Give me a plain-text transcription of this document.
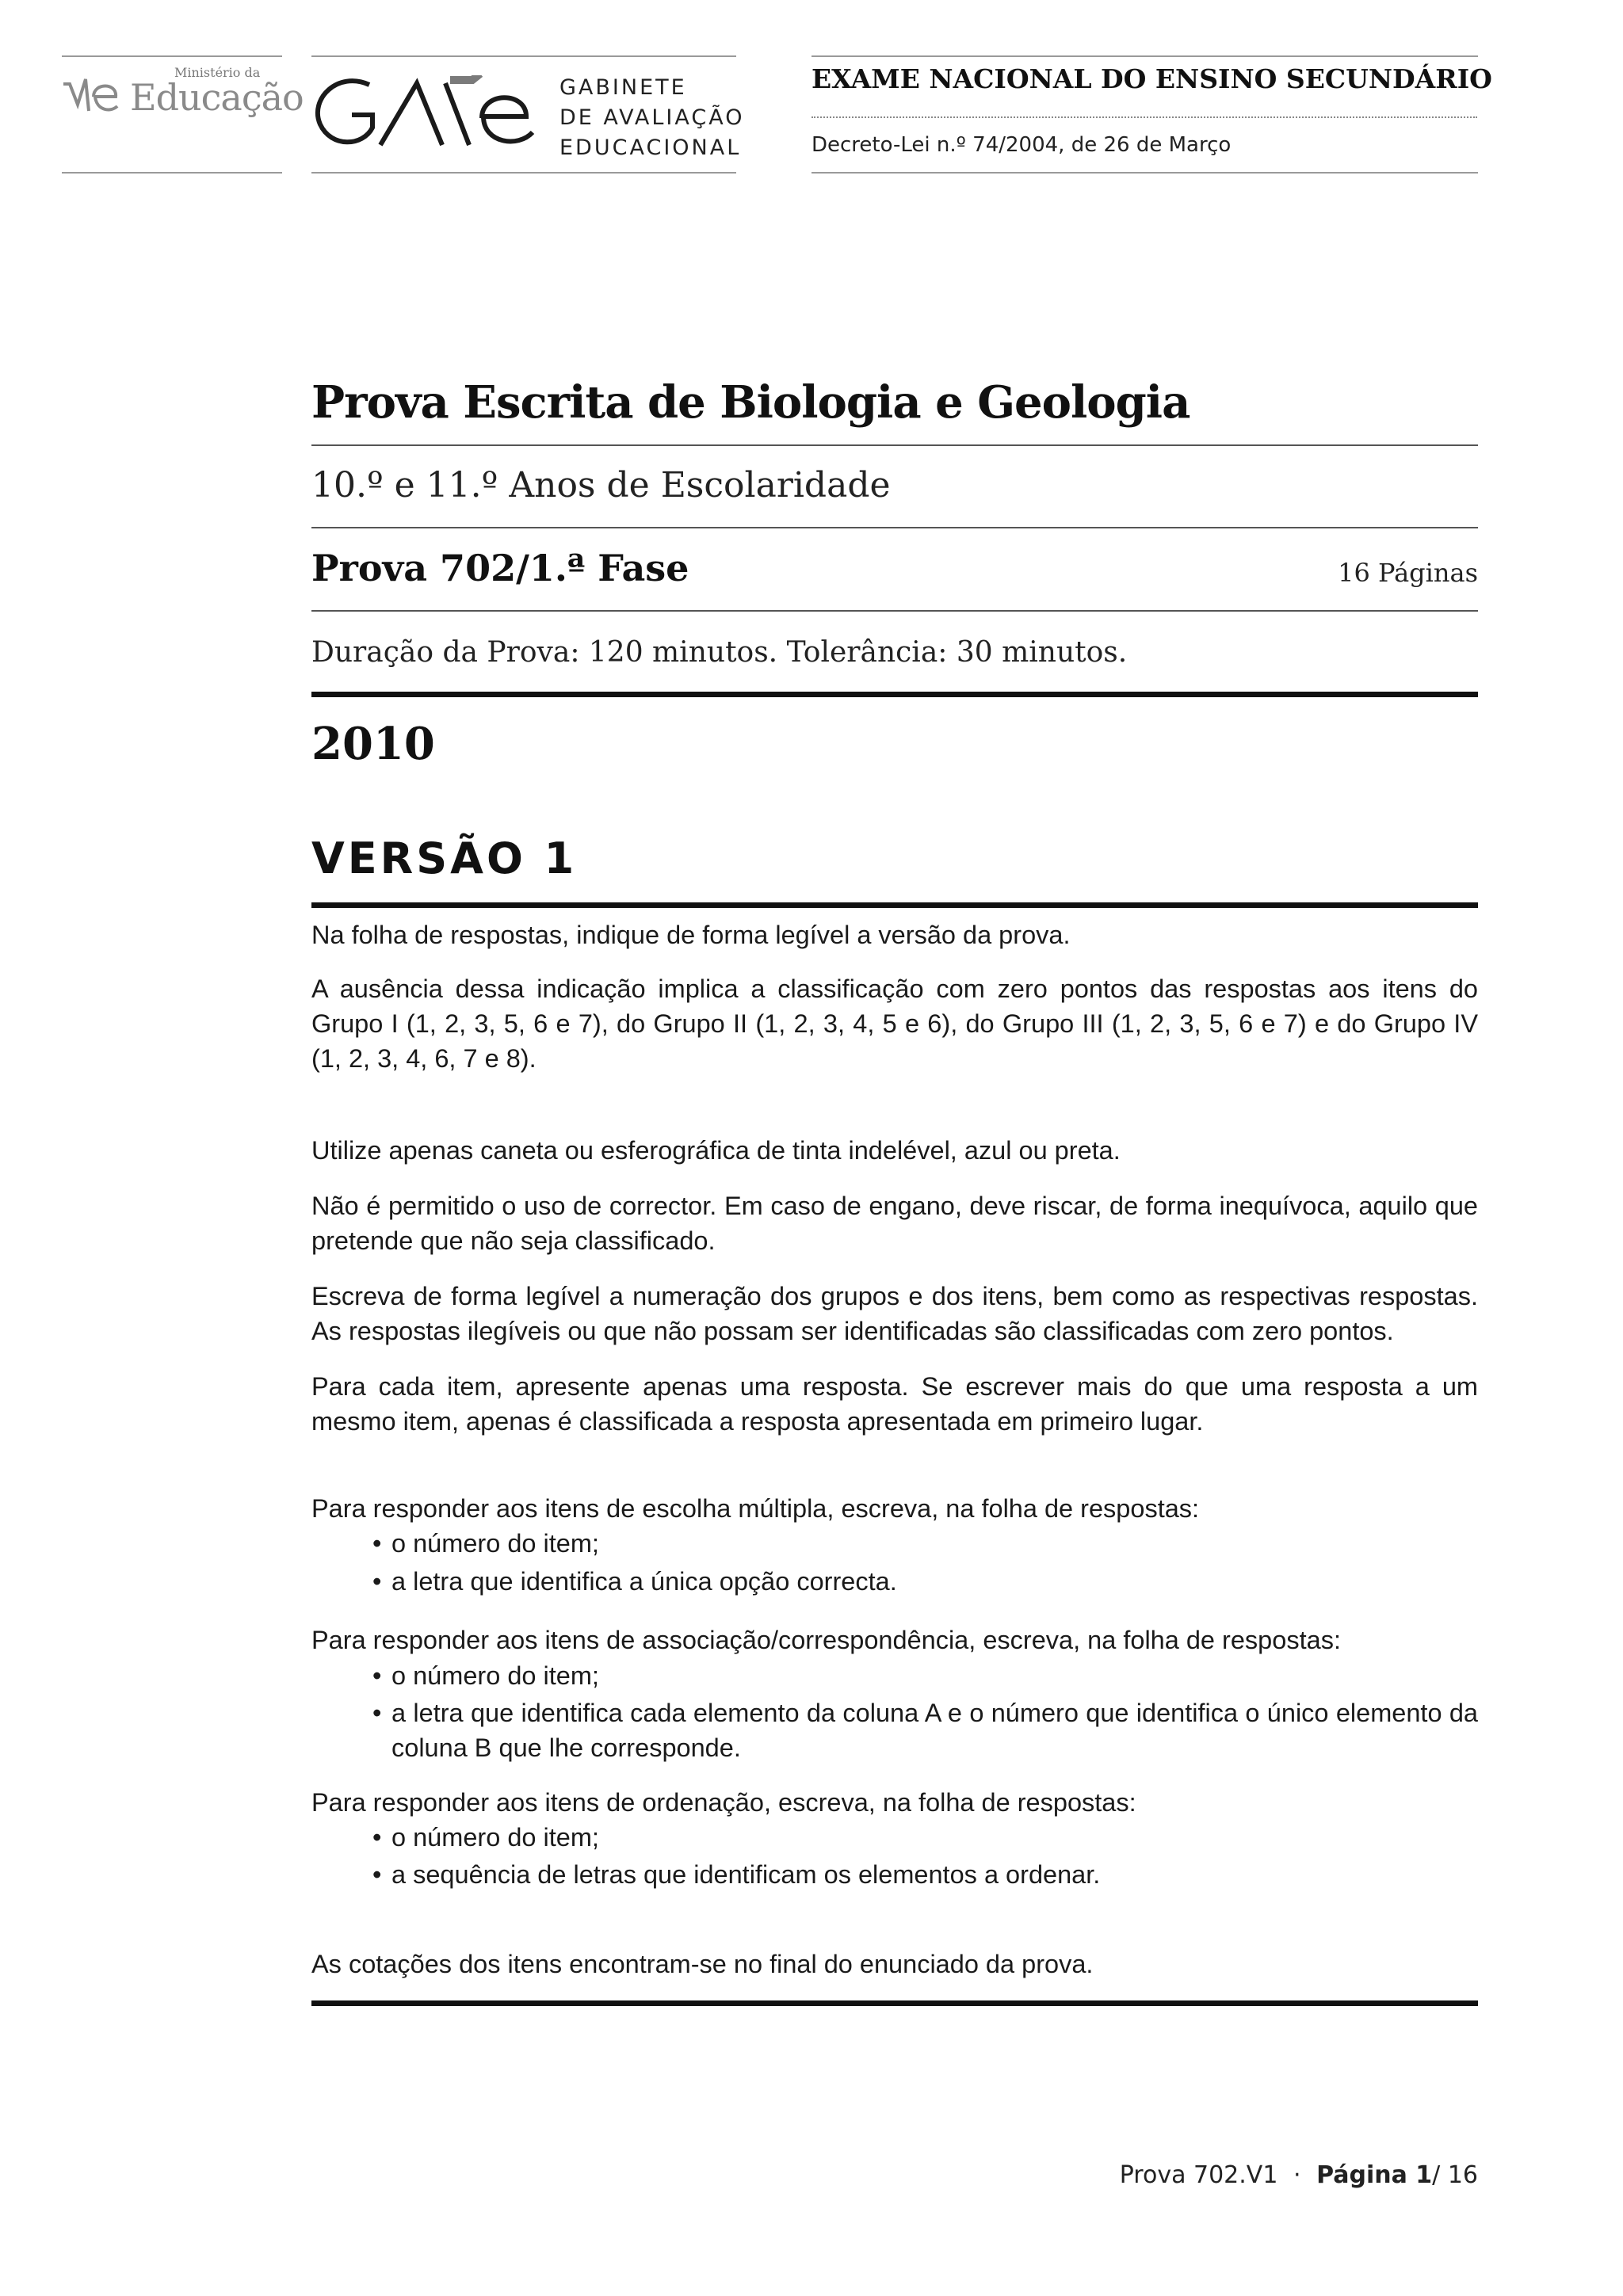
Ministério da
Educação	GABINETE
DE AVALIAÇÃO
EDUCACIONAL
EXAME NACIONAL DO ENSINO SECUNDÁRIO
Decreto-Lei n.º 74/2004, de 26 de Março
Prova Escrita de Biologia e Geologia
10.º e 11.º Anos de Escolaridade
Prova 702/1.ª Fase	16 Páginas
Duração da Prova: 120 minutos. Tolerância: 30 minutos.
2010
VERSÃO 1
Na folha de respostas, indique de forma legível a versão da prova.
A ausência dessa indicação implica a classificação com zero pontos das respostas aos itens do Grupo I (1, 2, 3, 5, 6 e 7), do Grupo II (1, 2, 3, 4, 5 e 6), do Grupo III (1, 2, 3, 5, 6 e 7) e do Grupo IV (1, 2, 3, 4, 6, 7 e 8).
Utilize apenas caneta ou esferográfica de tinta indelével, azul ou preta.
Não é permitido o uso de corrector. Em caso de engano, deve riscar, de forma inequívoca, aquilo que pretende que não seja classificado.
Escreva de forma legível a numeração dos grupos e dos itens, bem como as respectivas respostas. As respostas ilegíveis ou que não possam ser identificadas são classificadas com zero pontos.
Para cada item, apresente apenas uma resposta. Se escrever mais do que uma resposta a um mesmo item, apenas é classificada a resposta apresentada em primeiro lugar.
Para responder aos itens de escolha múltipla, escreva, na folha de respostas:
• o número do item;
• a letra que identifica a única opção correcta.
Para responder aos itens de associação/correspondência, escreva, na folha de respostas:
• o número do item;
• a letra que identifica cada elemento da coluna A e o número que identifica o único elemento da coluna B que lhe corresponde.
Para responder aos itens de ordenação, escreva, na folha de respostas:
• o número do item;
• a sequência de letras que identificam os elementos a ordenar.
As cotações dos itens encontram-se no final do enunciado da prova.
Prova 702.V1 · Página 1/ 16
